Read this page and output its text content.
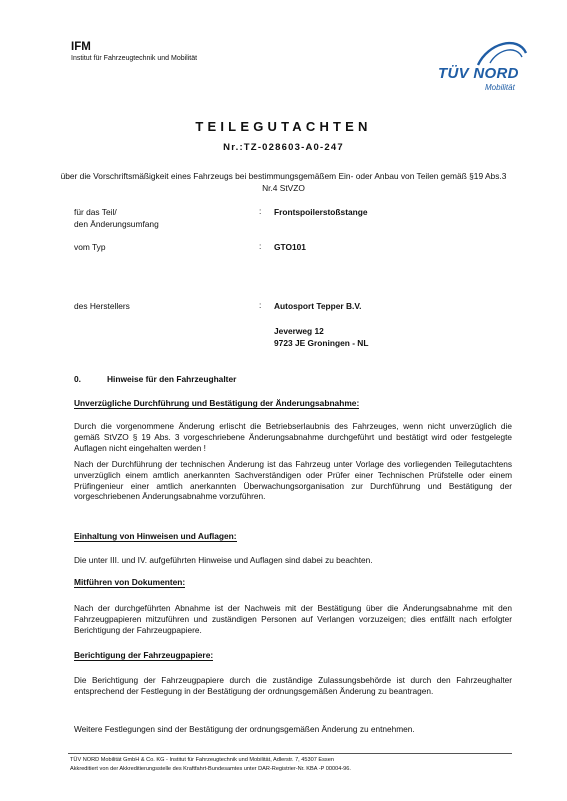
IFM
Institut für Fahrzeugtechnik und Mobilität
TÜV NORD
Mobilität
TEILEGUTACHTEN
Nr.:TZ-028603-A0-247
über die Vorschriftsmäßigkeit eines Fahrzeugs bei bestimmungsgemäßem Ein- oder Anbau von Teilen gemäß §19 Abs.3 Nr.4 StVZO
für das Teil/
den Änderungsumfang
: Frontspoilerstoßstange
vom Typ	: GTO101
des Herstellers	: Autosport Tepper B.V.
Jeverweg 12
9723 JE Groningen - NL
0.	Hinweise für den Fahrzeughalter
Unverzügliche Durchführung und Bestätigung der Änderungsabnahme:
Durch die vorgenommene Änderung erlischt die Betriebserlaubnis des Fahrzeuges, wenn nicht unverzüglich die gemäß StVZO § 19 Abs. 3 vorgeschriebene Änderungsabnahme durchgeführt und bestätigt wird oder festgelegte Auflagen nicht eingehalten werden !
Nach der Durchführung der technischen Änderung ist das Fahrzeug unter Vorlage des vorliegenden Teilegutachtens unverzüglich einem amtlich anerkannten Sachverständigen oder Prüfer einer Technischen Prüfstelle oder einem Prüfingenieur einer amtlich anerkannten Überwachungsorganisation zur Durchführung und Bestätigung der vorgeschriebenen Änderungsabnahme vorzuführen.
Einhaltung von Hinweisen und Auflagen:
Die unter III. und IV. aufgeführten Hinweise und Auflagen sind dabei zu beachten.
Mitführen von Dokumenten:
Nach der durchgeführten Abnahme ist der Nachweis mit der Bestätigung über die Änderungsabnahme mit den Fahrzeugpapieren mitzuführen und zuständigen Personen auf Verlangen vorzuzeigen; dies entfällt nach erfolgter Berichtigung der Fahrzeugpapiere.
Berichtigung der Fahrzeugpapiere:
Die Berichtigung der Fahrzeugpapiere durch die zuständige Zulassungsbehörde ist durch den Fahrzeughalter entsprechend der Festlegung in der Bestätigung der ordnungsgemäßen Änderung zu beantragen.
Weitere Festlegungen sind der Bestätigung der ordnungsgemäßen Änderung zu entnehmen.
TÜV NORD Mobilität GmbH & Co. KG - Institut für Fahrzeugtechnik und Mobilität, Adlerstr. 7, 45307 Essen
Akkreditiert von der Akkreditierungsstelle des Kraftfahrt-Bundesamtes unter DAR-Registrier-Nr. KBA -P 00004-96.
